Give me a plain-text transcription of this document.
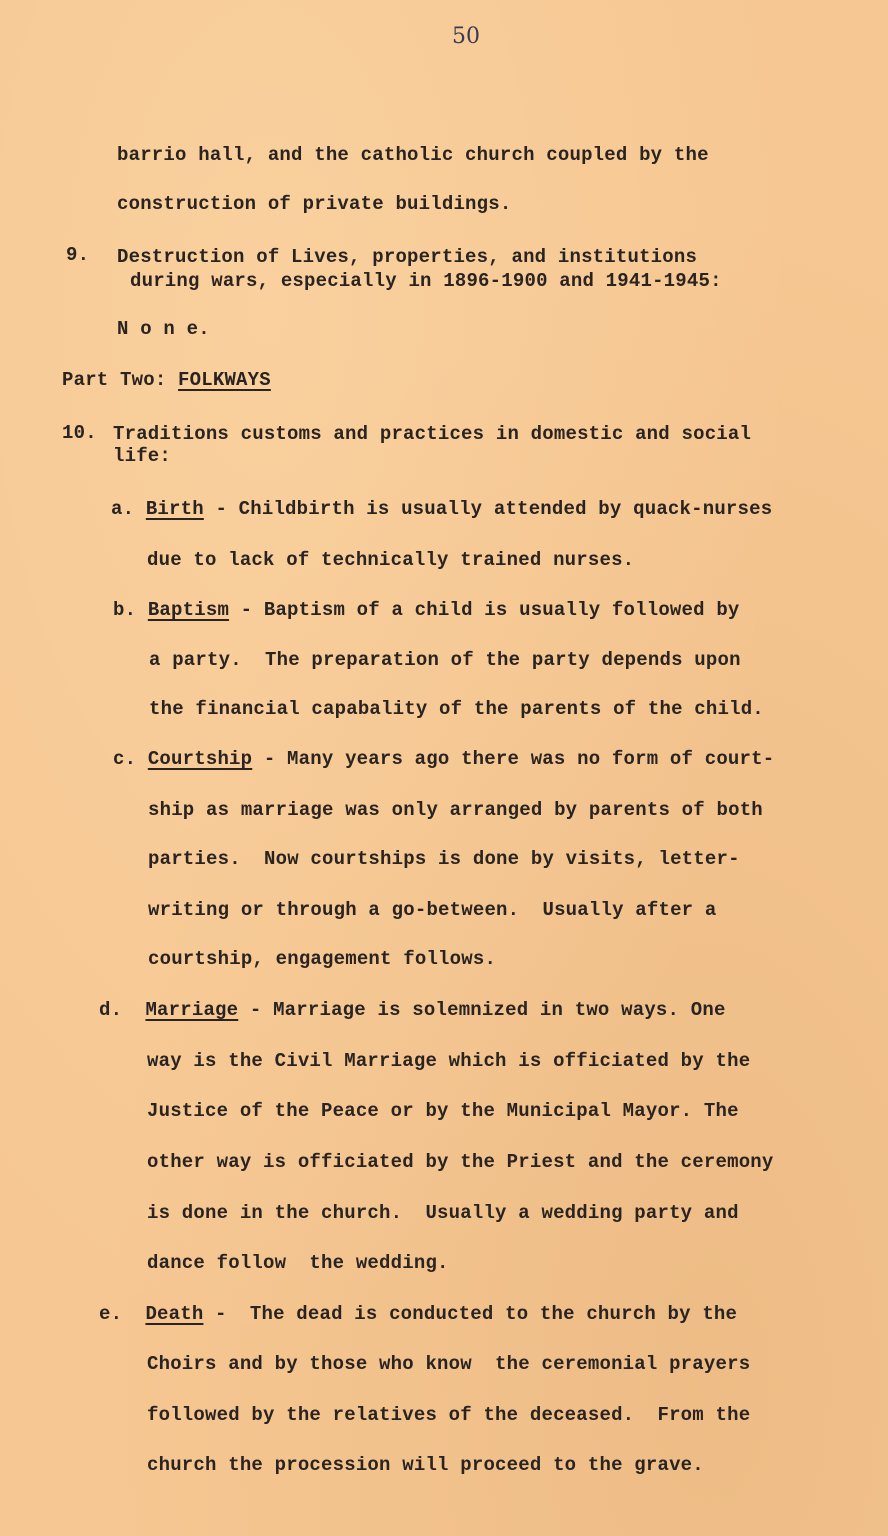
50
barrio hall, and the catholic church coupled by the
construction of private buildings.
9. Destruction of Lives, properties, and institutions
during wars, especially in 1896-1900 and 1941-1945:
N o n e.
Part Two: FOLKWAYS
10. Traditions customs and practices in domestic and social
life:
a. Birth - Childbirth is usually attended by quack-nurses
due to lack of technically trained nurses.
b. Baptism - Baptism of a child is usually followed by
a party.  The preparation of the party depends upon
the financial capabality of the parents of the child.
c. Courtship - Many years ago there was no form of court-
ship as marriage was only arranged by parents of both
parties.  Now courtships is done by visits, letter-
writing or through a go-between.  Usually after a
courtship, engagement follows.
d. Marriage - Marriage is solemnized in two ways. One
way is the Civil Marriage which is officiated by the
Justice of the Peace or by the Municipal Mayor. The
other way is officiated by the Priest and the ceremony
is done in the church.  Usually a wedding party and
dance follow  the wedding.
e. Death -  The dead is conducted to the church by the
Choirs and by those who know  the ceremonial prayers
followed by the relatives of the deceased.  From the
church the procession will proceed to the grave.
